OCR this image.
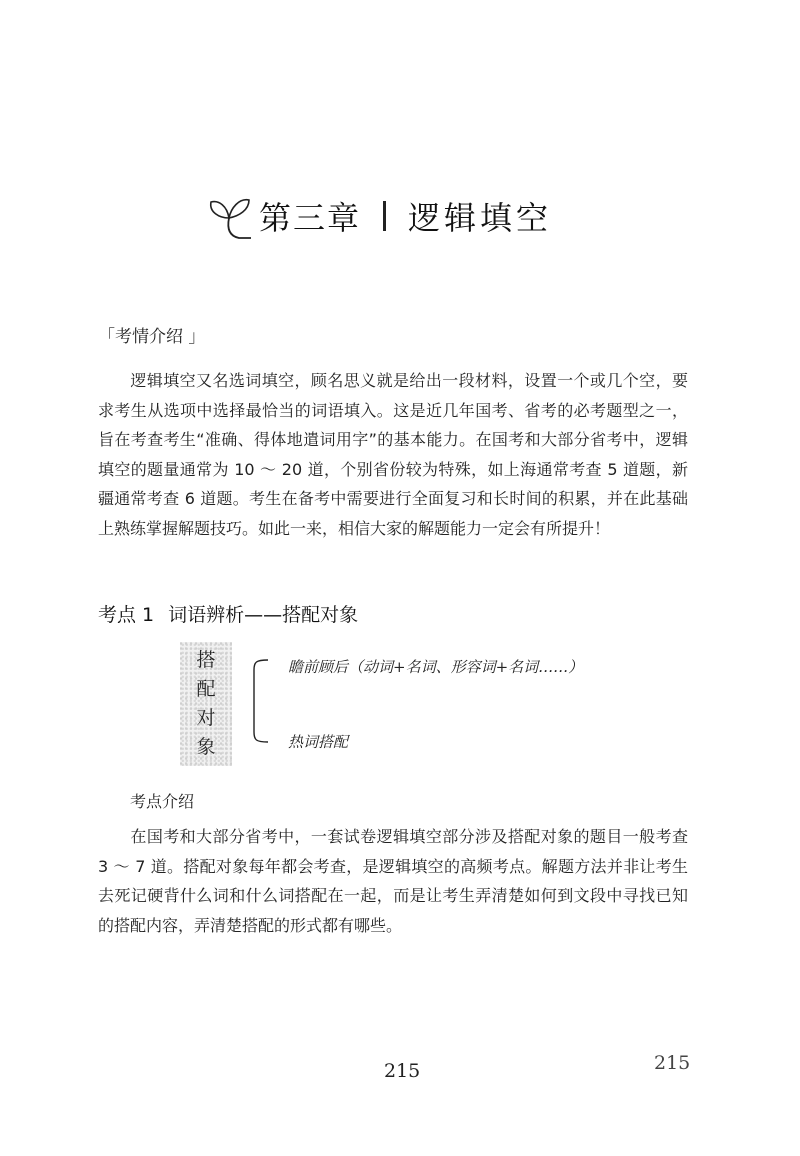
第三章 逻辑填空
「考情介绍 」

逻辑填空又名选词填空，顾名思义就是给出一段材料，设置一个或几个空，要求考生从选项中选择最恰当的词语填入。这是近几年国考、省考的必考题型之一，旨在考查考生“准确、得体地遣词用字”的基本能力。在国考和大部分省考中，逻辑填空的题量通常为 10 ～ 20 道，个别省份较为特殊，如上海通常考查 5 道题，新疆通常考查 6 道题。考生在备考中需要进行全面复习和长时间的积累，并在此基础上熟练掌握解题技巧。如此一来，相信大家的解题能力一定会有所提升！

考点 1 词语辨析——搭配对象
搭
配
对
象
瞻前顾后（动词+名词、形容词+名词……）
热词搭配
考点介绍

在国考和大部分省考中，一套试卷逻辑填空部分涉及搭配对象的题目一般考查 3 ～ 7 道。搭配对象每年都会考查，是逻辑填空的高频考点。解题方法并非让考生去死记硬背什么词和什么词搭配在一起，而是让考生弄清楚如何到文段中寻找已知的搭配内容，弄清楚搭配的形式都有哪些。

215	215
